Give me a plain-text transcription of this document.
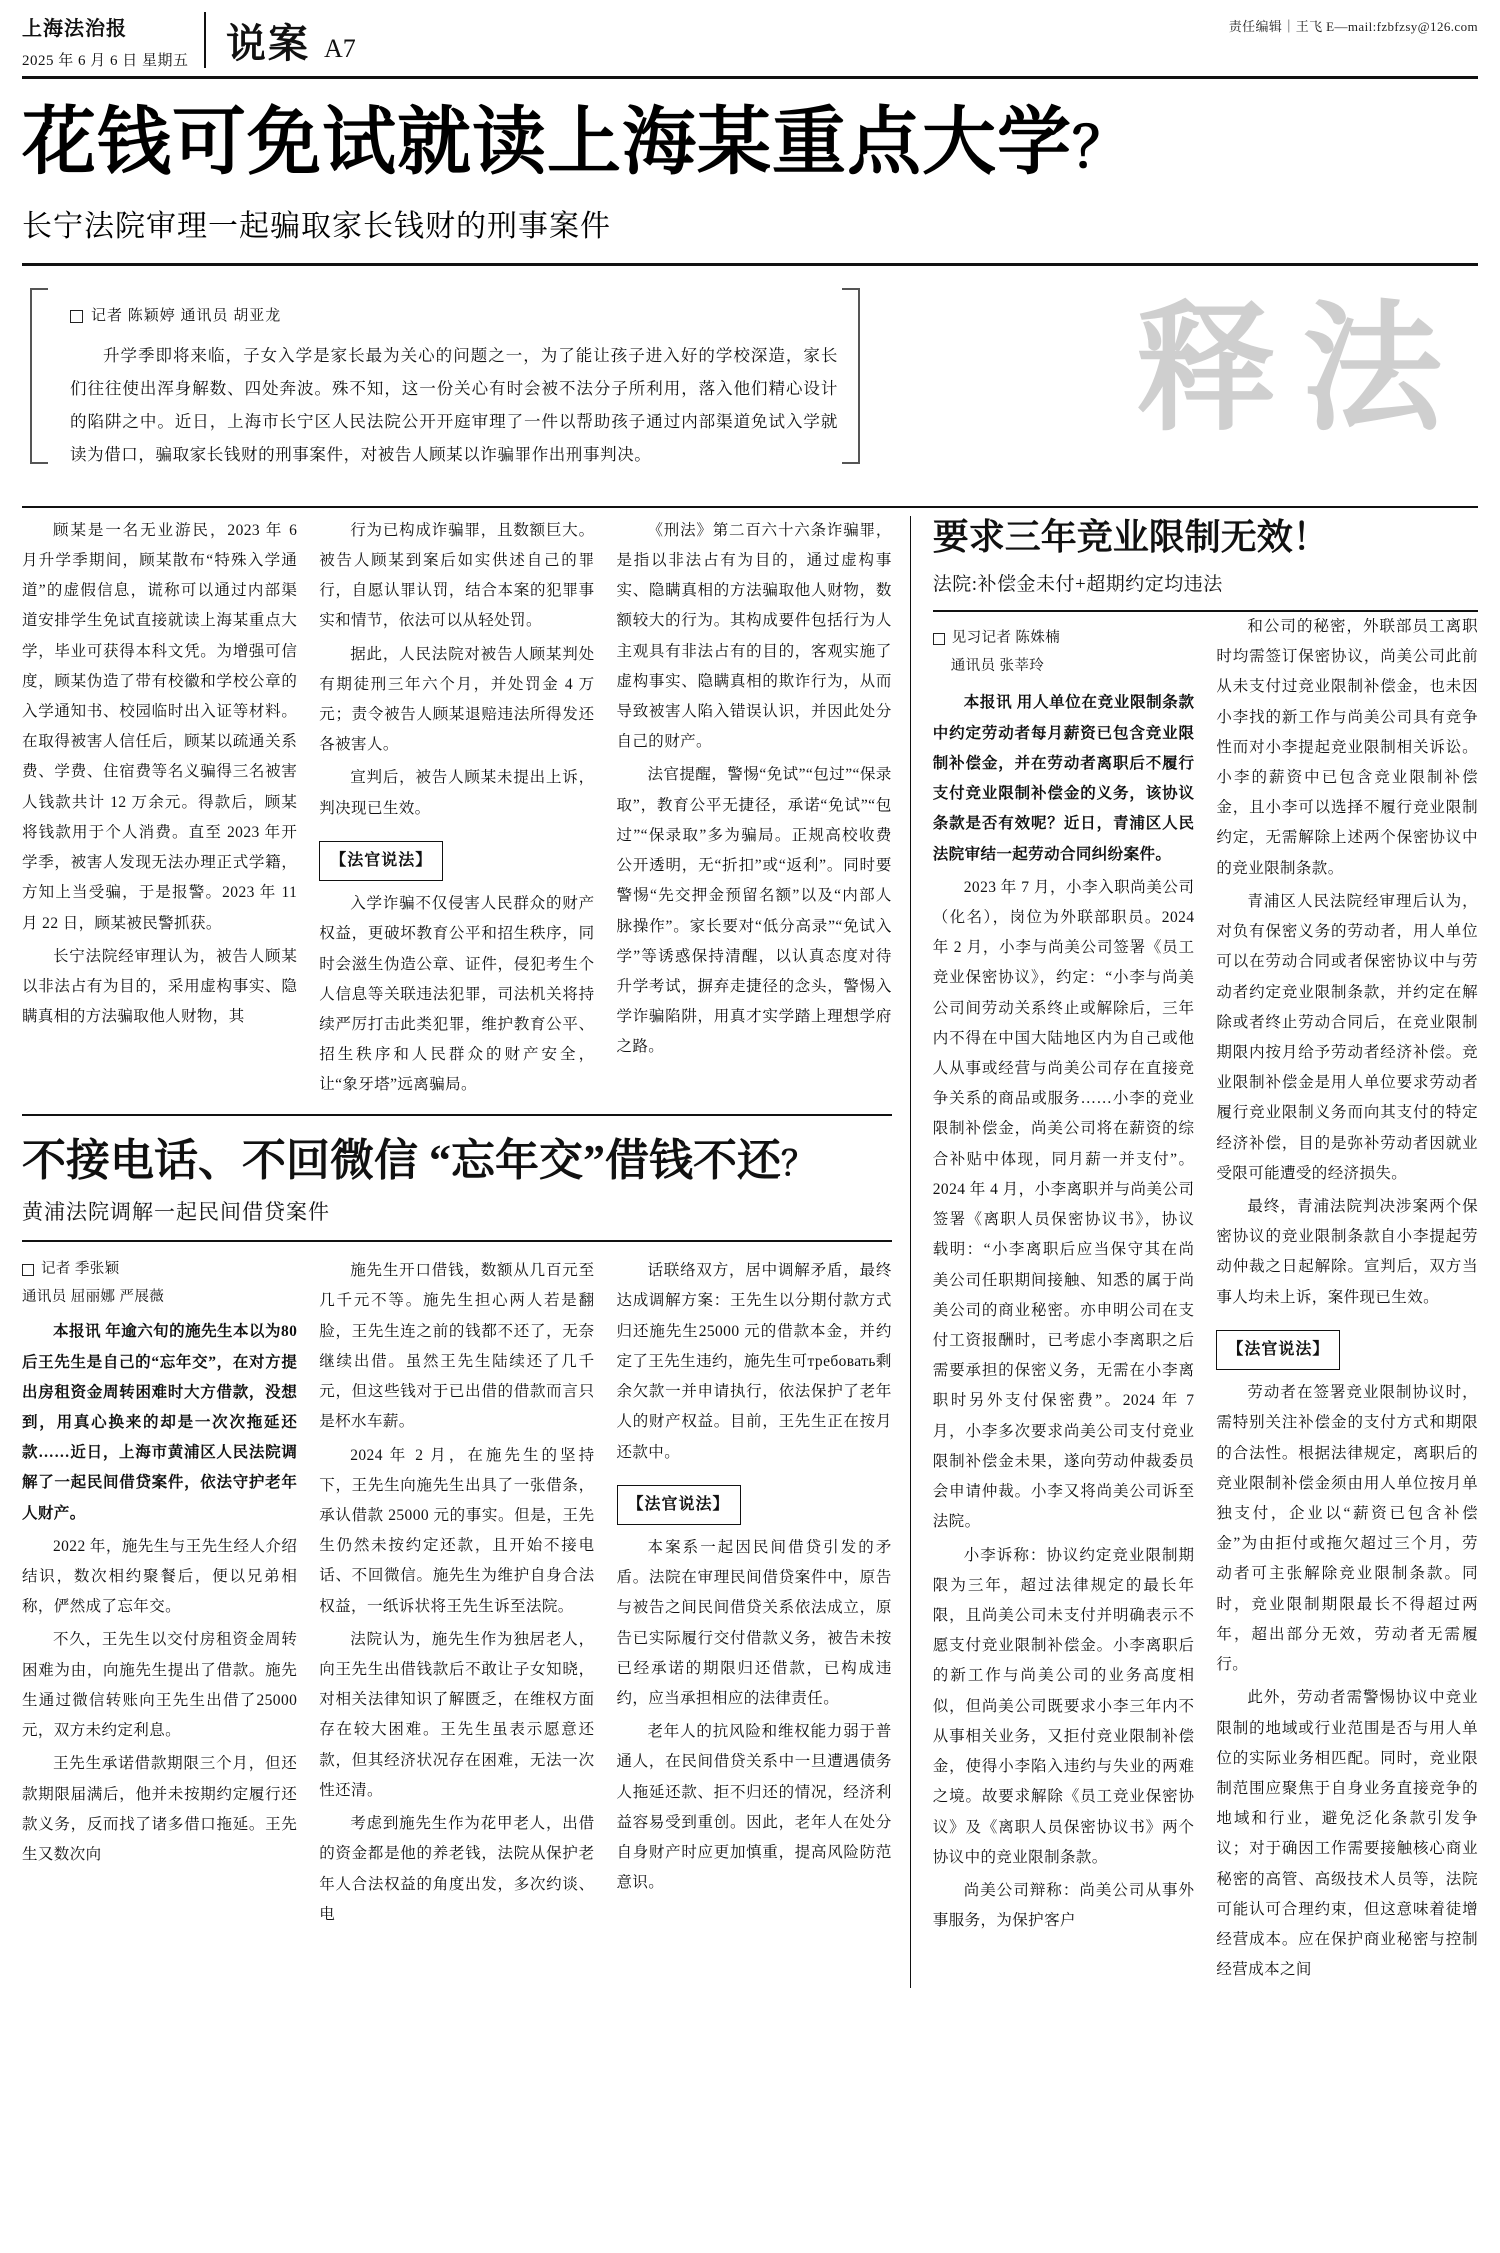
上海法治报
2025 年 6 月 6 日 星期五 说案 A7
责任编辑｜王飞 E—mail:fzbfzsy@126.com
花钱可免试就读上海某重点大学？
长宁法院审理一起骗取家长钱财的刑事案件
记者 陈颖婷 通讯员 胡亚龙
升学季即将来临，子女入学是家长最为关心的问题之一，为了能让孩子进入好的学校深造，家长们往往使出浑身解数、四处奔波。殊不知，这一份关心有时会被不法分子所利用，落入他们精心设计的陷阱之中。近日，上海市长宁区人民法院公开开庭审理了一件以帮助孩子通过内部渠道免试入学就读为借口，骗取家长钱财的刑事案件，对被告人顾某以诈骗罪作出刑事判决。
释法

顾某是一名无业游民，2023 年 6 月升学季期间，顾某散布“特殊入学通道”的虚假信息，谎称可以通过内部渠道安排学生免试直接就读上海某重点大学，毕业可获得本科文凭。为增强可信度，顾某伪造了带有校徽和学校公章的入学通知书、校园临时出入证等材料。在取得被害人信任后，顾某以疏通关系费、学费、住宿费等名义骗得三名被害人钱款共计 12 万余元。得款后，顾某将钱款用于个人消费。直至 2023 年开学季，被害人发现无法办理正式学籍，方知上当受骗，于是报警。2023 年 11 月 22 日，顾某被民警抓获。

长宁法院经审理认为，被告人顾某以非法占有为目的，采用虚构事实、隐瞒真相的方法骗取他人财物，其

行为已构成诈骗罪，且数额巨大。被告人顾某到案后如实供述自己的罪行，自愿认罪认罚，结合本案的犯罪事实和情节，依法可以从轻处罚。

据此，人民法院对被告人顾某判处有期徒刑三年六个月，并处罚金 4 万元；责令被告人顾某退赔违法所得发还各被害人。

宣判后，被告人顾某未提出上诉，判决现已生效。

【法官说法】

入学诈骗不仅侵害人民群众的财产权益，更破坏教育公平和招生秩序，同时会滋生伪造公章、证件，侵犯考生个人信息等关联违法犯罪，司法机关将持续严厉打击此类犯罪，维护教育公平、招生秩序和人民群众的财产安全，让“象牙塔”远离骗局。

《刑法》第二百六十六条诈骗罪，是指以非法占有为目的，通过虚构事实、隐瞒真相的方法骗取他人财物，数额较大的行为。其构成要件包括行为人主观具有非法占有的目的，客观实施了虚构事实、隐瞒真相的欺诈行为，从而导致被害人陷入错误认识，并因此处分自己的财产。

法官提醒，警惕“免试”“包过”“保录取”，教育公平无捷径，承诺“免试”“包过”“保录取”多为骗局。正规高校收费公开透明，无“折扣”或“返利”。同时要警惕“先交押金预留名额”以及“内部人脉操作”。家长要对“低分高录”“免试入学”等诱惑保持清醒，以认真态度对待升学考试，摒弃走捷径的念头，警惕入学诈骗陷阱，用真才实学踏上理想学府之路。

不接电话、不回微信 “忘年交”借钱不还？
黄浦法院调解一起民间借贷案件
记者 季张颖
通讯员 屈丽娜 严展薇

本报讯 年逾六旬的施先生本以为80后王先生是自己的“忘年交”，在对方提出房租资金周转困难时大方借款，没想到，用真心换来的却是一次次拖延还款……近日，上海市黄浦区人民法院调解了一起民间借贷案件，依法守护老年人财产。

2022 年，施先生与王先生经人介绍结识，数次相约聚餐后，便以兄弟相称，俨然成了忘年交。

不久，王先生以交付房租资金周转困难为由，向施先生提出了借款。施先生通过微信转账向王先生出借了25000元，双方未约定利息。

王先生承诺借款期限三个月，但还款期限届满后，他并未按期约定履行还款义务，反而找了诸多借口拖延。王先生又数次向

施先生开口借钱，数额从几百元至几千元不等。施先生担心两人若是翻脸，王先生连之前的钱都不还了，无奈继续出借。虽然王先生陆续还了几千元，但这些钱对于已出借的借款而言只是杯水车薪。

2024 年 2 月，在施先生的坚持下，王先生向施先生出具了一张借条，承认借款 25000 元的事实。但是，王先生仍然未按约定还款，且开始不接电话、不回微信。施先生为维护自身合法权益，一纸诉状将王先生诉至法院。

法院认为，施先生作为独居老人，向王先生出借钱款后不敢让子女知晓，对相关法律知识了解匮乏，在维权方面存在较大困难。王先生虽表示愿意还款，但其经济状况存在困难，无法一次性还清。

考虑到施先生作为花甲老人，出借的资金都是他的养老钱，法院从保护老年人合法权益的角度出发，多次约谈、电

话联络双方，居中调解矛盾，最终达成调解方案：王先生以分期付款方式归还施先生25000 元的借款本金，并约定了王先生违约，施先生可требовать剩余欠款一并申请执行，依法保护了老年人的财产权益。目前，王先生正在按月还款中。

【法官说法】

本案系一起因民间借贷引发的矛盾。法院在审理民间借贷案件中，原告与被告之间民间借贷关系依法成立，原告已实际履行交付借款义务，被告未按已经承诺的期限归还借款，已构成违约，应当承担相应的法律责任。

老年人的抗风险和维权能力弱于普通人，在民间借贷关系中一旦遭遇债务人拖延还款、拒不归还的情况，经济利益容易受到重创。因此，老年人在处分自身财产时应更加慎重，提高风险防范意识。

要求三年竞业限制无效！
法院:补偿金未付+超期约定均违法
见习记者 陈姝楠
通讯员 张莘玲

本报讯 用人单位在竞业限制条款中约定劳动者每月薪资已包含竞业限制补偿金，并在劳动者离职后不履行支付竞业限制补偿金的义务，该协议条款是否有效呢？近日，青浦区人民法院审结一起劳动合同纠纷案件。

2023 年 7 月，小李入职尚美公司（化名），岗位为外联部职员。2024 年 2 月，小李与尚美公司签署《员工竞业保密协议》，约定：“小李与尚美公司间劳动关系终止或解除后，三年内不得在中国大陆地区内为自己或他人从事或经营与尚美公司存在直接竞争关系的商品或服务……小李的竞业限制补偿金，尚美公司将在薪资的综合补贴中体现，同月薪一并支付”。2024 年 4 月，小李离职并与尚美公司签署《离职人员保密协议书》，协议载明：“小李离职后应当保守其在尚美公司任职期间接触、知悉的属于尚美公司的商业秘密。亦申明公司在支付工资报酬时，已考虑小李离职之后需要承担的保密义务，无需在小李离职时另外支付保密费”。2024 年 7 月，小李多次要求尚美公司支付竞业限制补偿金未果，遂向劳动仲裁委员会申请仲裁。小李又将尚美公司诉至法院。

小李诉称：协议约定竞业限制期限为三年，超过法律规定的最长年限，且尚美公司未支付并明确表示不愿支付竞业限制补偿金。小李离职后的新工作与尚美公司的业务高度相似，但尚美公司既要求小李三年内不从事相关业务，又拒付竞业限制补偿金，使得小李陷入违约与失业的两难之境。故要求解除《员工竞业保密协议》及《离职人员保密协议书》两个协议中的竞业限制条款。

尚美公司辩称：尚美公司从事外事服务，为保护客户

和公司的秘密，外联部员工离职时均需签订保密协议，尚美公司此前从未支付过竞业限制补偿金，也未因小李找的新工作与尚美公司具有竞争性而对小李提起竞业限制相关诉讼。小李的薪资中已包含竞业限制补偿金，且小李可以选择不履行竞业限制约定，无需解除上述两个保密协议中的竞业限制条款。

青浦区人民法院经审理后认为，对负有保密义务的劳动者，用人单位可以在劳动合同或者保密协议中与劳动者约定竞业限制条款，并约定在解除或者终止劳动合同后，在竞业限制期限内按月给予劳动者经济补偿。竞业限制补偿金是用人单位要求劳动者履行竞业限制义务而向其支付的特定经济补偿，目的是弥补劳动者因就业受限可能遭受的经济损失。

最终，青浦法院判决涉案两个保密协议的竞业限制条款自小李提起劳动仲裁之日起解除。宣判后，双方当事人均未上诉，案件现已生效。

【法官说法】

劳动者在签署竞业限制协议时，需特别关注补偿金的支付方式和期限的合法性。根据法律规定，离职后的竞业限制补偿金须由用人单位按月单独支付，企业以“薪资已包含补偿金”为由拒付或拖欠超过三个月，劳动者可主张解除竞业限制条款。同时，竞业限制期限最长不得超过两年，超出部分无效，劳动者无需履行。

此外，劳动者需警惕协议中竞业限制的地域或行业范围是否与用人单位的实际业务相匹配。同时，竞业限制范围应聚焦于自身业务直接竞争的地域和行业，避免泛化条款引发争议；对于确因工作需要接触核心商业秘密的高管、高级技术人员等，法院可能认可合理约束，但这意味着徒增经营成本。应在保护商业秘密与控制经营成本之间
